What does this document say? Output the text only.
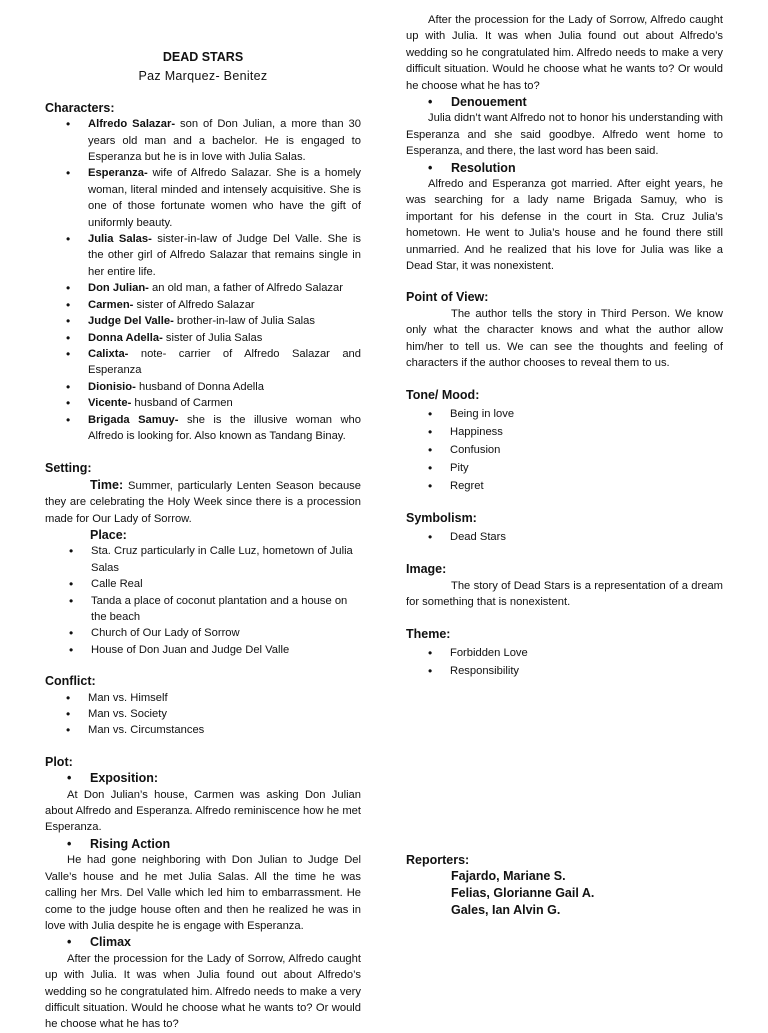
DEAD STARS
Paz Marquez- Benitez

Characters:

• Alfredo Salazar- son of Don Julian, a more than 30 years old man and a bachelor. He is engaged to Esperanza but he is in love with Julia Salas.
• Esperanza- wife of Alfredo Salazar. She is a homely woman, literal minded and intensely acquisitive. She is one of those fortunate women who have the gift of uniformly beauty.
• Julia Salas- sister-in-law of Judge Del Valle. She is the other girl of Alfredo Salazar that remains single in her entire life.
• Don Julian- an old man, a father of Alfredo Salazar
• Carmen- sister of Alfredo Salazar
• Judge Del Valle- brother-in-law of Julia Salas
• Donna Adella- sister of Julia Salas
• Calixta- note- carrier of Alfredo Salazar and Esperanza
• Dionisio- husband of Donna Adella
• Vicente- husband of Carmen
• Brigada Samuy- she is the illusive woman who Alfredo is looking for. Also known as Tandang Binay.

Setting:

Time: Summer, particularly Lenten Season because they are celebrating the Holy Week since there is a procession made for Our Lady of Sorrow.

Place:
• Sta. Cruz particularly in Calle Luz, hometown of Julia Salas
• Calle Real
• Tanda a place of coconut plantation and a house on the beach
• Church of Our Lady of Sorrow
• House of Don Juan and Judge Del Valle

Conflict:

• Man vs. Himself
• Man vs. Society
• Man vs. Circumstances

Plot:

• Exposition:

At Don Julian’s house, Carmen was asking Don Julian about Alfredo and Esperanza. Alfredo reminiscence how he met Esperanza.

• Rising Action

He had gone neighboring with Don Julian to Judge Del Valle’s house and he met Julia Salas. All the time he was calling her Mrs. Del Valle which led him to embarrassment. He come to the judge house often and then he realized he was in love with Julia despite he is engage with Esperanza.

• Climax

After the procession for the Lady of Sorrow, Alfredo caught up with Julia. It was when Julia found out about Alfredo’s wedding so he congratulated him. Alfredo needs to make a very difficult situation. Would he choose what he wants to? Or would he choose what he has to?

After the procession for the Lady of Sorrow, Alfredo caught up with Julia. It was when Julia found out about Alfredo’s wedding so he congratulated him. Alfredo needs to make a very difficult situation. Would he choose what he wants to? Or would he choose what he has to?

• Denouement

Julia didn’t want Alfredo not to honor his understanding with Esperanza and she said goodbye. Alfredo went home to Esperanza, and there, the last word has been said.

• Resolution

Alfredo and Esperanza got married. After eight years, he was searching for a lady name Brigada Samuy, who is important for his defense in the court in Sta. Cruz Julia’s hometown. He went to Julia’s house and he found there still unmarried. And he realized that his love for Julia was like a Dead Star, it was nonexistent.

Point of View:

The author tells the story in Third Person. We know only what the character knows and what the author allow him/her to tell us. We can see the thoughts and feeling of characters if the author chooses to reveal them to us.

Tone/ Mood:

• Being in love
• Happiness
• Confusion
• Pity
• Regret

Symbolism:

• Dead Stars

Image:

The story of Dead Stars is a representation of a dream for something that is nonexistent.

Theme:

• Forbidden Love
• Responsibility

Reporters:

Fajardo, Mariane S.
Felias, Glorianne Gail A.
Gales, Ian Alvin G.
